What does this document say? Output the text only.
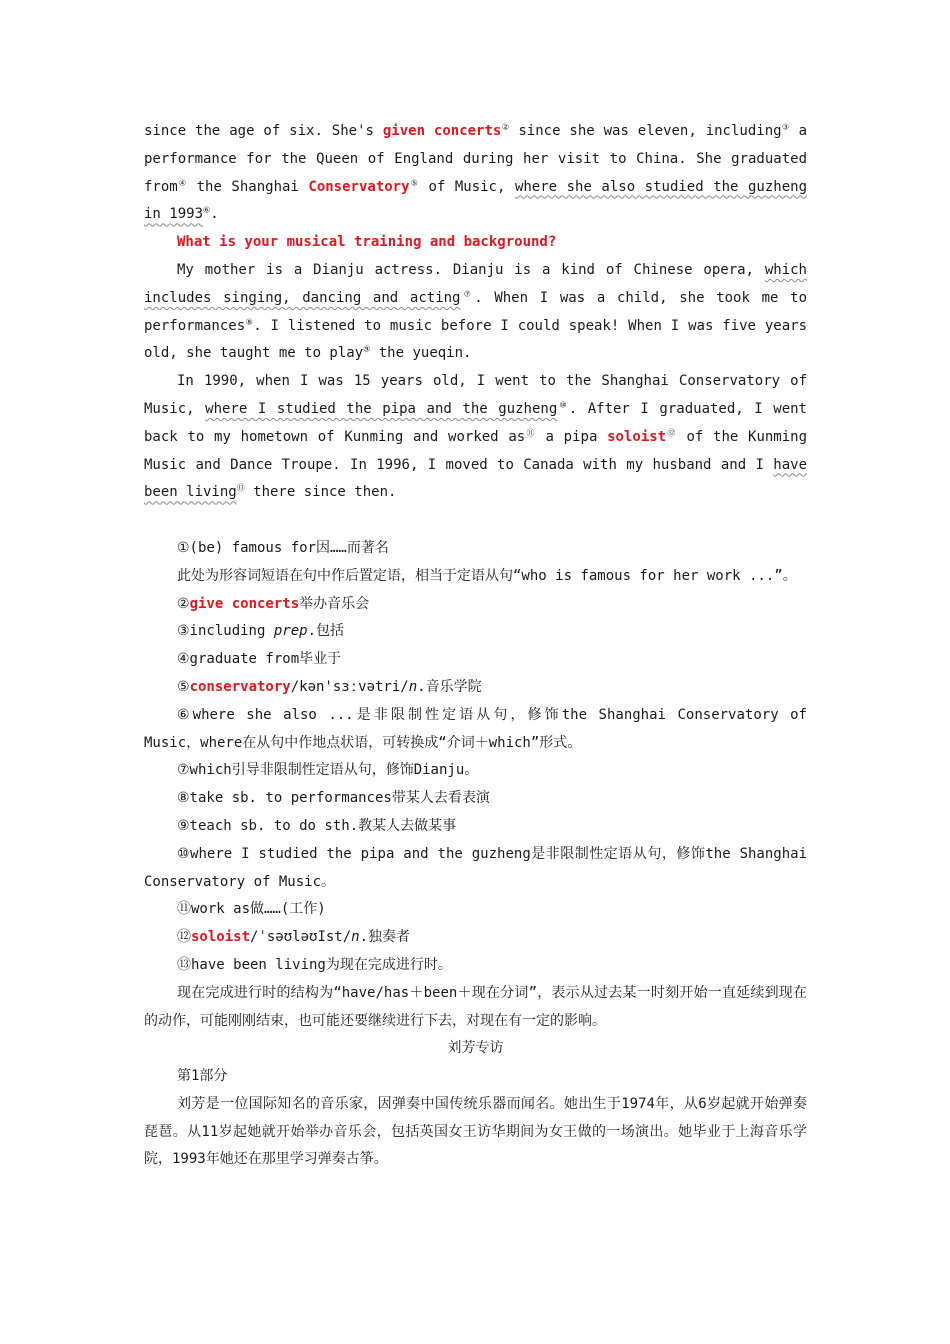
since the age of six. She's given concerts② since she was eleven, including③ a performance for the Queen of England during her visit to China. She graduated from④ the Shanghai Conservatory⑤ of Music, where she also studied the guzheng in 1993⑥.

What is your musical training and background?

My mother is a Dianju actress. Dianju is a kind of Chinese opera, which includes singing, dancing and acting⑦. When I was a child, she took me to performances⑧. I listened to music before I could speak! When I was five years old, she taught me to play⑨ the yueqin.

In 1990, when I was 15 years old, I went to the Shanghai Conservatory of Music, where I studied the pipa and the guzheng⑩. After I graduated, I went back to my hometown of Kunming and worked as⑪ a pipa soloist⑫ of the Kunming Music and Dance Troupe. In 1996, I moved to Canada with my husband and I have been living⑬ there since then.

①(be) famous for因……而著名

此处为形容词短语在句中作后置定语，相当于定语从句“who is famous for her work ...”。

②give concerts举办音乐会

③including prep.包括

④graduate from毕业于

⑤conservatory/kən'sɜːvətri/n.音乐学院

⑥where she also ...是非限制性定语从句，修饰the Shanghai Conservatory of Music，where在从句中作地点状语，可转换成“介词＋which”形式。

⑦which引导非限制性定语从句，修饰Dianju。

⑧take sb. to performances带某人去看表演

⑨teach sb. to do sth.教某人去做某事

⑩where I studied the pipa and the guzheng是非限制性定语从句，修饰the Shanghai Conservatory of Music。

⑪work as做……(工作)

⑫soloist/ˈsəʊləʊIst/n.独奏者

⑬have been living为现在完成进行时。

现在完成进行时的结构为“have/has＋been＋现在分词”，表示从过去某一时刻开始一直延续到现在的动作，可能刚刚结束，也可能还要继续进行下去，对现在有一定的影响。

刘芳专访

第1部分

刘芳是一位国际知名的音乐家，因弹奏中国传统乐器而闻名。她出生于1974年，从6岁起就开始弹奏琵琶。从11岁起她就开始举办音乐会，包括英国女王访华期间为女王做的一场演出。她毕业于上海音乐学院，1993年她还在那里学习弹奏古筝。
